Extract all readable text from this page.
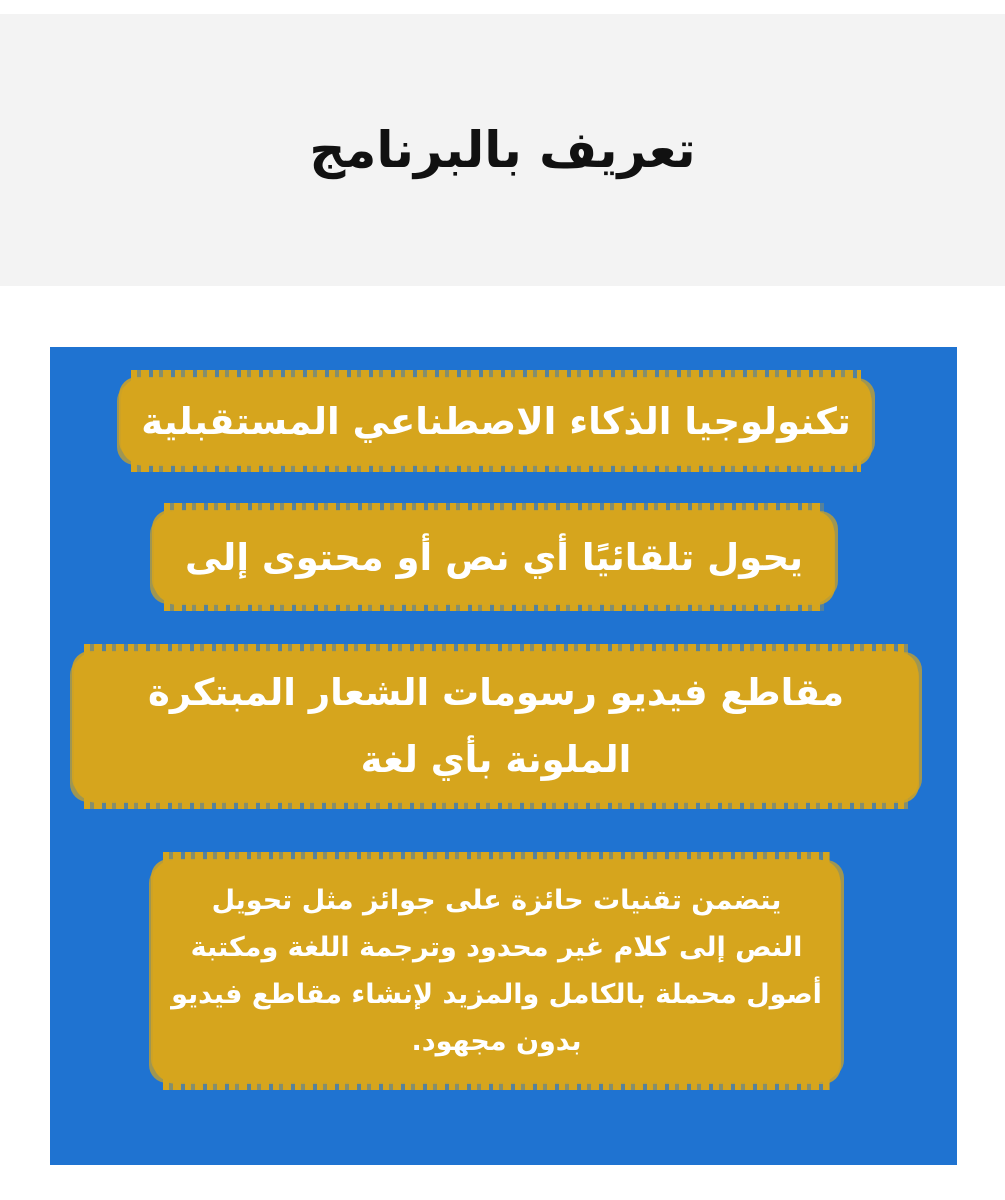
تعريف بالبرنامج
تكنولوجيا الذكاء الاصطناعي المستقبلية
يحول تلقائيًا أي نص أو محتوى إلى
مقاطع فيديو رسومات الشعار المبتكرة
الملونة بأي لغة
يتضمن تقنيات حائزة على جوائز مثل تحويل
النص إلى كلام غير محدود وترجمة اللغة ومكتبة
أصول محملة بالكامل والمزيد لإنشاء مقاطع فيديو
بدون مجهود.
